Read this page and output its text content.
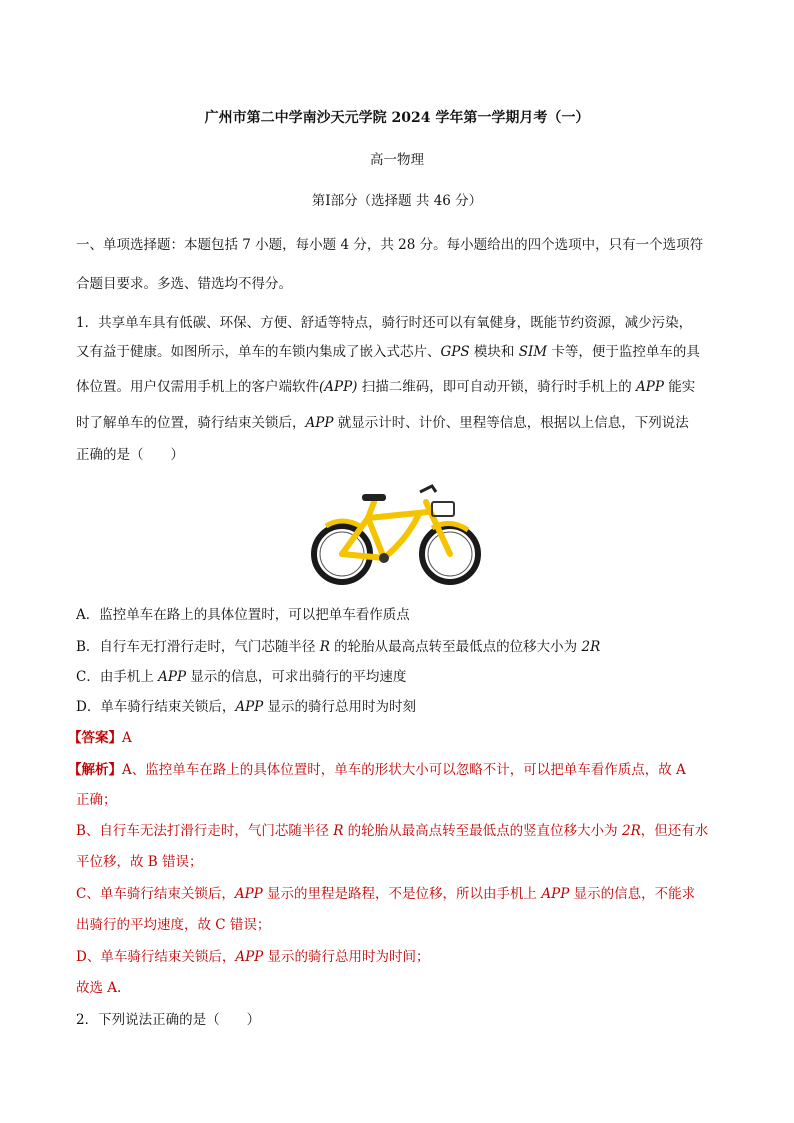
广州市第二中学南沙天元学院 2024 学年第一学期月考（一）
高一物理
第Ⅰ部分（选择题 共 46 分）
一、单项选择题：本题包括 7 小题，每小题 4 分，共 28 分。每小题给出的四个选项中，只有一个选项符
合题目要求。多选、错选均不得分。
1．共享单车具有低碳、环保、方便、舒适等特点，骑行时还可以有氧健身，既能节约资源，减少污染，
又有益于健康。如图所示，单车的车锁内集成了嵌入式芯片、GPS 模块和 SIM 卡等，便于监控单车的具
体位置。用户仅需用手机上的客户端软件(APP) 扫描二维码，即可自动开锁，骑行时手机上的 APP 能实
时了解单车的位置，骑行结束关锁后，APP 就显示计时、计价、里程等信息，根据以上信息，下列说法
正确的是（　　）
A．监控单车在路上的具体位置时，可以把单车看作质点
B．自行车无打滑行走时，气门芯随半径 R 的轮胎从最高点转至最低点的位移大小为 2R
C．由手机上 APP 显示的信息，可求出骑行的平均速度
D．单车骑行结束关锁后，APP 显示的骑行总用时为时刻
【答案】A
【解析】A、监控单车在路上的具体位置时，单车的形状大小可以忽略不计，可以把单车看作质点，故 A
正确；
B、自行车无法打滑行走时，气门芯随半径 R 的轮胎从最高点转至最低点的竖直位移大小为 2R，但还有水
平位移，故 B 错误；
C、单车骑行结束关锁后，APP 显示的里程是路程，不是位移，所以由手机上 APP 显示的信息，不能求
出骑行的平均速度，故 C 错误；
D、单车骑行结束关锁后，APP 显示的骑行总用时为时间；
故选 A.
2．下列说法正确的是（　　）
